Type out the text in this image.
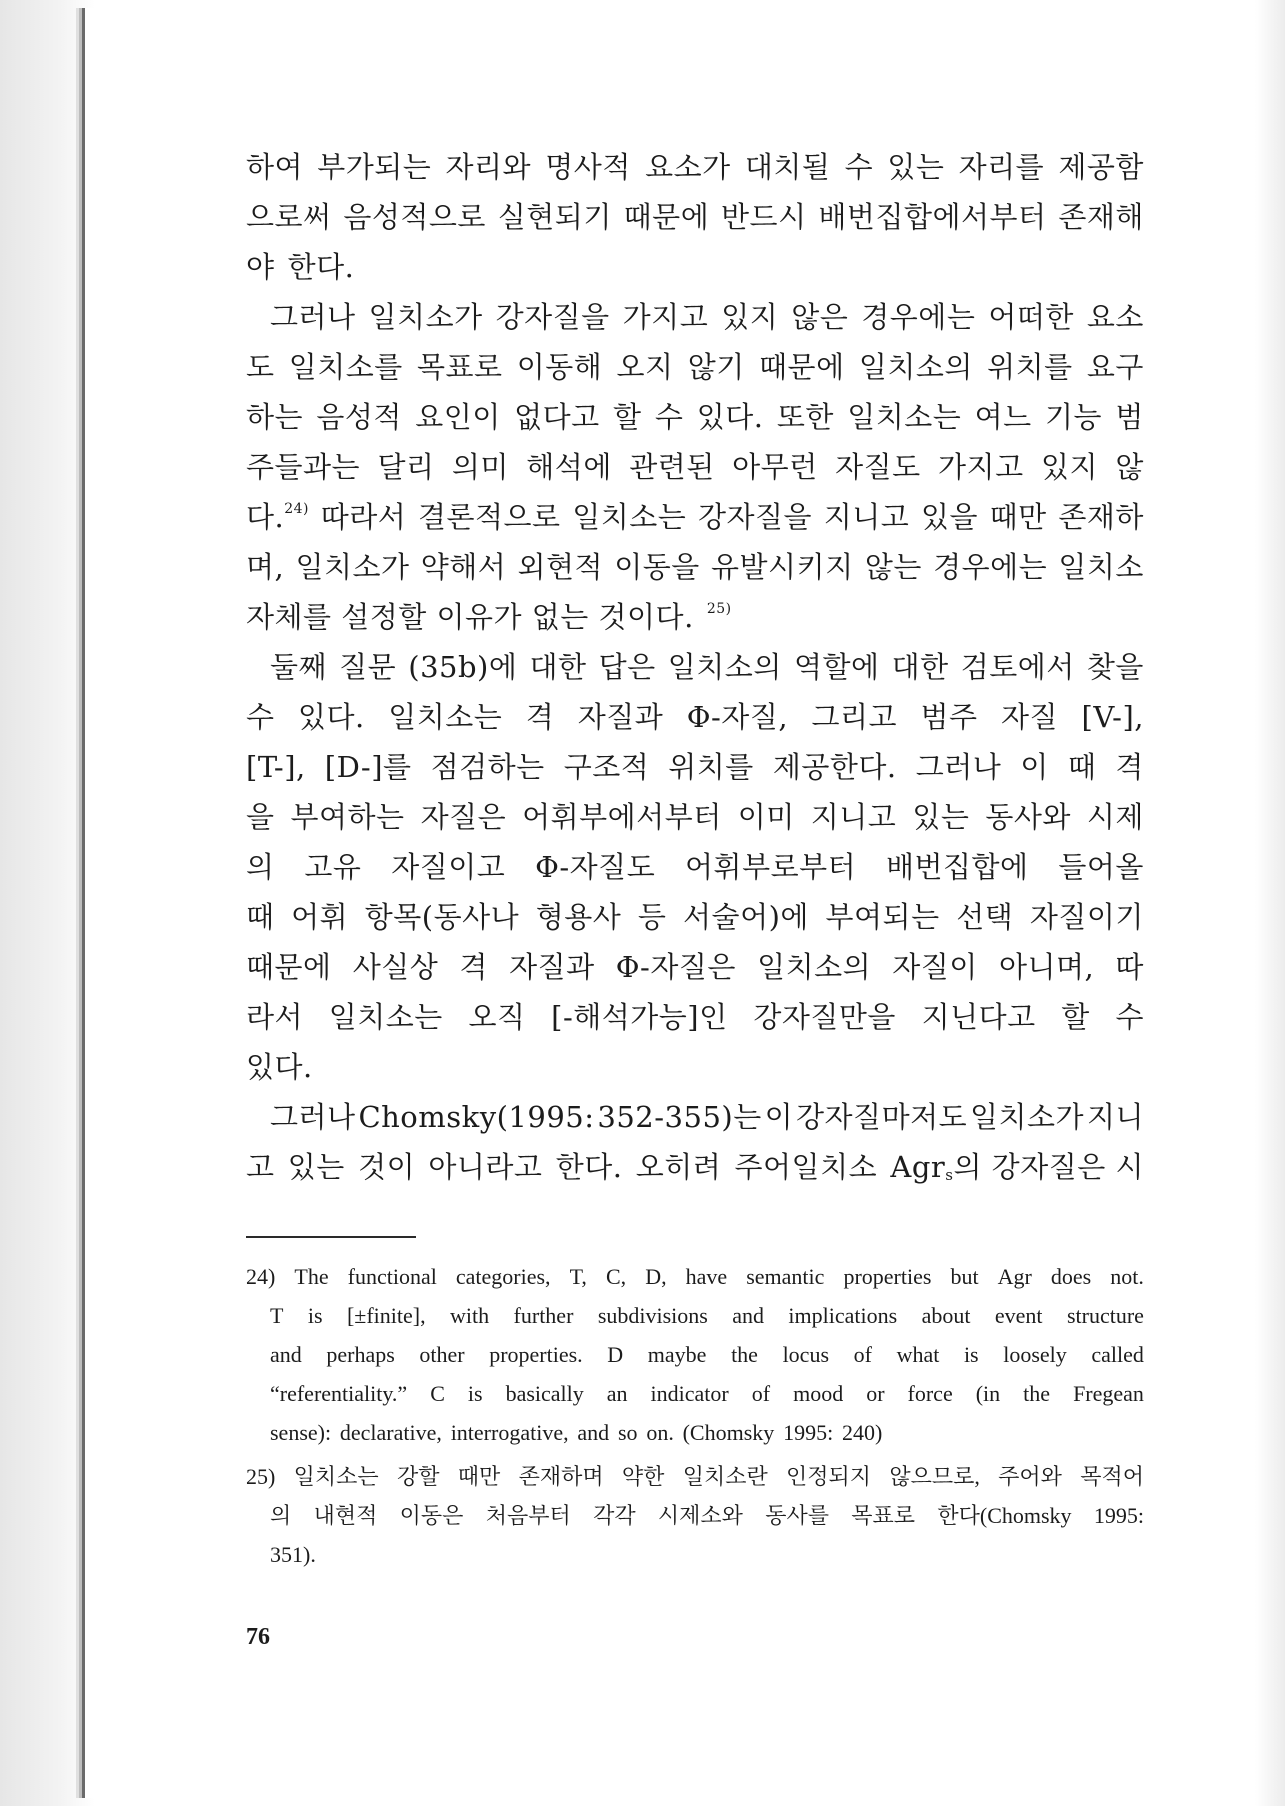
하여 부가되는 자리와 명사적 요소가 대치될 수 있는 자리를 제공함
으로써 음성적으로 실현되기 때문에 반드시 배번집합에서부터 존재해
야 한다.
그러나 일치소가 강자질을 가지고 있지 않은 경우에는 어떠한 요소
도 일치소를 목표로 이동해 오지 않기 때문에 일치소의 위치를 요구
하는 음성적 요인이 없다고 할 수 있다. 또한 일치소는 여느 기능 범
주들과는 달리 의미 해석에 관련된 아무런 자질도 가지고 있지 않
다.$^{24)}$ 따라서 결론적으로 일치소는 강자질을 지니고 있을 때만 존재하
며, 일치소가 약해서 외현적 이동을 유발시키지 않는 경우에는 일치소
자체를 설정할 이유가 없는 것이다. $^{25)}$
둘째 질문 (35b)에 대한 답은 일치소의 역할에 대한 검토에서 찾을
수 있다. 일치소는 격 자질과 Φ-자질, 그리고 범주 자질 [V-],
[T-], [D-]를 점검하는 구조적 위치를 제공한다. 그러나 이 때 격
을 부여하는 자질은 어휘부에서부터 이미 지니고 있는 동사와 시제
의 고유 자질이고 Φ-자질도 어휘부로부터 배번집합에 들어올
때 어휘 항목(동사나 형용사 등 서술어)에 부여되는 선택 자질이기
때문에 사실상 격 자질과 Φ-자질은 일치소의 자질이 아니며, 따
라서 일치소는 오직 [-해석가능]인 강자질만을 지닌다고 할 수
있다.
그러나 Chomsky(1995: 352-355)는 이 강자질마저도 일치소가 지니
고 있는 것이 아니라고 한다. 오히려 주어일치소 Agr$_s$의 강자질은 시
24) The functional categories, T, C, D, have semantic properties but Agr does not.
T is [±finite], with further subdivisions and implications about event structure
and perhaps other properties. D maybe the locus of what is loosely called
“referentiality.” C is basically an indicator of mood or force (in the Fregean
sense): declarative, interrogative, and so on. (Chomsky 1995: 240)
25) 일치소는 강할 때만 존재하며 약한 일치소란 인정되지 않으므로, 주어와 목적어
의 내현적 이동은 처음부터 각각 시제소와 동사를 목표로 한다(Chomsky 1995:
351).
76
